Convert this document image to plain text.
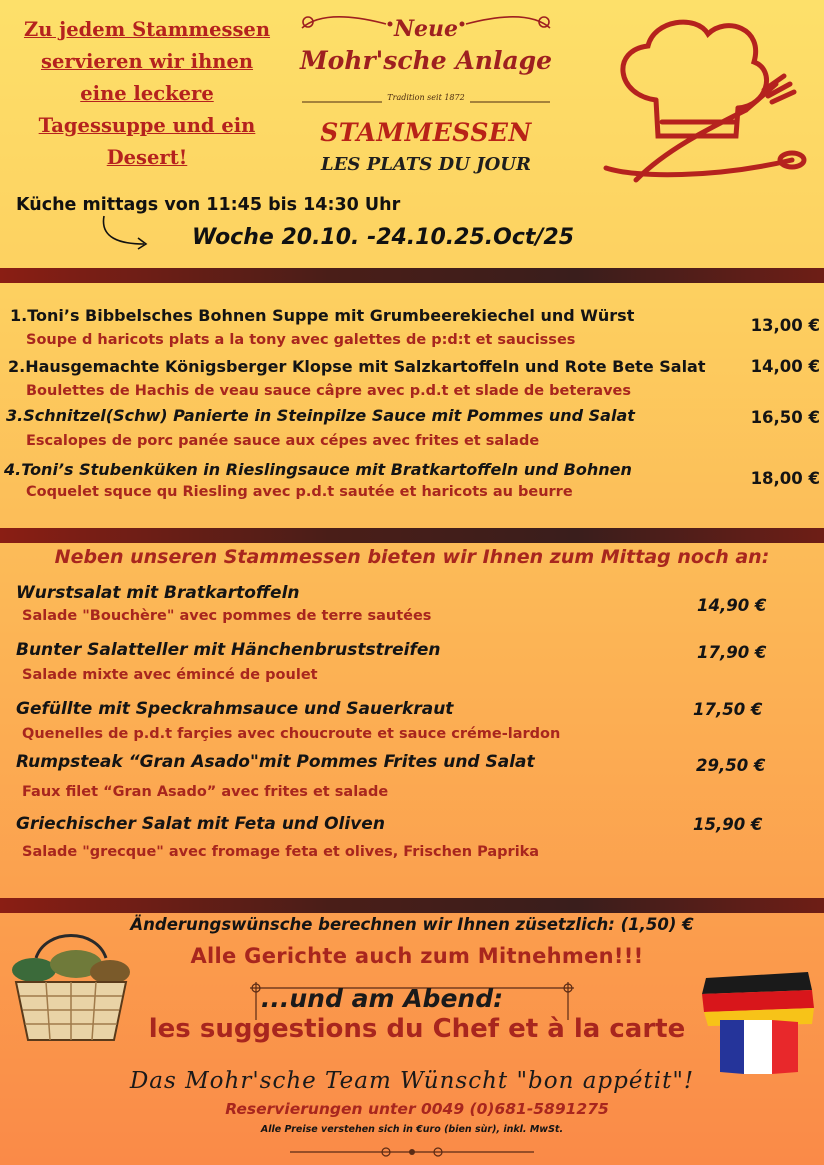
Zu jedem Stammessen
servieren wir ihnen
eine leckere
Tagessuppe und ein
Desert!
Neue
Mohr'sche Anlage
Tradition seit 1872
STAMMESSEN
LES PLATS DU JOUR
Küche mittags von 11:45 bis 14:30 Uhr
Woche 20.10. -24.10.25.Oct/25
1.Toni’s Bibbelsches Bohnen Suppe mit Grumbeerekiechel und Würst
Soupe d haricots plats a la tony avec galettes de p:d:t et saucisses
13,00 €
2.Hausgemachte Königsberger Klopse mit Salzkartoffeln und Rote Bete Salat
Boulettes de Hachis de veau sauce câpre avec p.d.t et slade de beteraves
14,00 €
3.Schnitzel(Schw) Panierte in Steinpilze Sauce mit Pommes und Salat
Escalopes de porc panée sauce aux cépes avec frites et salade
16,50 €
4.Toni’s Stubenküken in Rieslingsauce mit Bratkartoffeln und Bohnen
Coquelet squce qu Riesling avec p.d.t sautée et haricots au beurre
18,00 €
Neben unseren Stammessen bieten wir Ihnen zum Mittag noch an:
Wurstsalat mit Bratkartoffeln
Salade "Bouchère" avec pommes de terre sautées
14,90 €
Bunter Salatteller mit Hänchenbruststreifen
Salade mixte avec émincé de poulet
17,90 €
Gefüllte mit Speckrahmsauce und Sauerkraut
Quenelles de p.d.t farçies avec choucroute et sauce créme-lardon
17,50 €
Rumpsteak “Gran Asado"mit Pommes Frites und Salat
Faux filet “Gran Asado” avec frites et salade
29,50 €
Griechischer Salat mit Feta und Oliven
Salade "grecque" avec fromage feta et olives, Frischen Paprika
15,90 €
Änderungswünsche berechnen wir Ihnen züsetzlich: (1,50) €
Alle Gerichte auch zum Mitnehmen!!!
...und am Abend:
les suggestions du Chef et à la carte
Das Mohr'sche Team Wünscht "bon appétit"!
Reservierungen unter 0049 (0)681-5891275
Alle Preise verstehen sich in €uro (bien sùr), inkl. MwSt.
